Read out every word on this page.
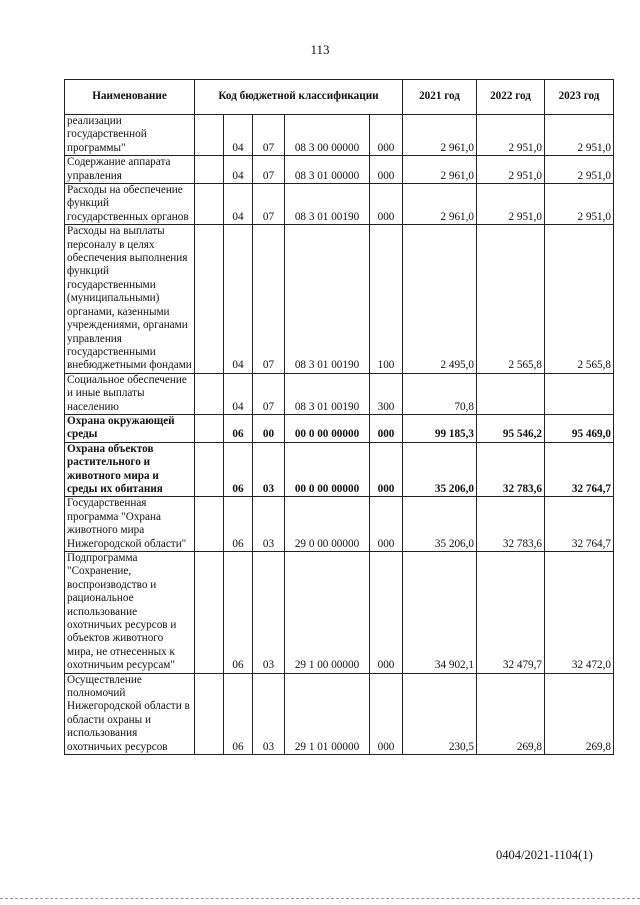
113
Наименование	Код бюджетной классификации					2021 год	2022 год	2023 год
реализации государственной программы"		04	07	08 3 00 00000	000	2 961,0	2 951,0	2 951,0
Содержание аппарата управления		04	07	08 3 01 00000	000	2 961,0	2 951,0	2 951,0
Расходы на обеспечение функций государственных органов		04	07	08 3 01 00190	000	2 961,0	2 951,0	2 951,0
Расходы на выплаты персоналу в целях обеспечения выполнения функций государственными (муниципальными) органами, казенными учреждениями, органами управления государственными внебюджетными фондами		04	07	08 3 01 00190	100	2 495,0	2 565,8	2 565,8
Социальное обеспечение и иные выплаты населению		04	07	08 3 01 00190	300	70,8		
Охрана окружающей среды		06	00	00 0 00 00000	000	99 185,3	95 546,2	95 469,0
Охрана объектов растительного и животного мира и среды их обитания		06	03	00 0 00 00000	000	35 206,0	32 783,6	32 764,7
Государственная программа "Охрана животного мира Нижегородской области"		06	03	29 0 00 00000	000	35 206,0	32 783,6	32 764,7
Подпрограмма "Сохранение, воспроизводство и рациональное использование охотничьих ресурсов и объектов животного мира, не отнесенных к охотничьим ресурсам"		06	03	29 1 00 00000	000	34 902,1	32 479,7	32 472,0
Осуществление полномочий Нижегородской области в области охраны и использования охотничьих ресурсов		06	03	29 1 01 00000	000	230,5	269,8	269,8
0404/2021-1104(1)
